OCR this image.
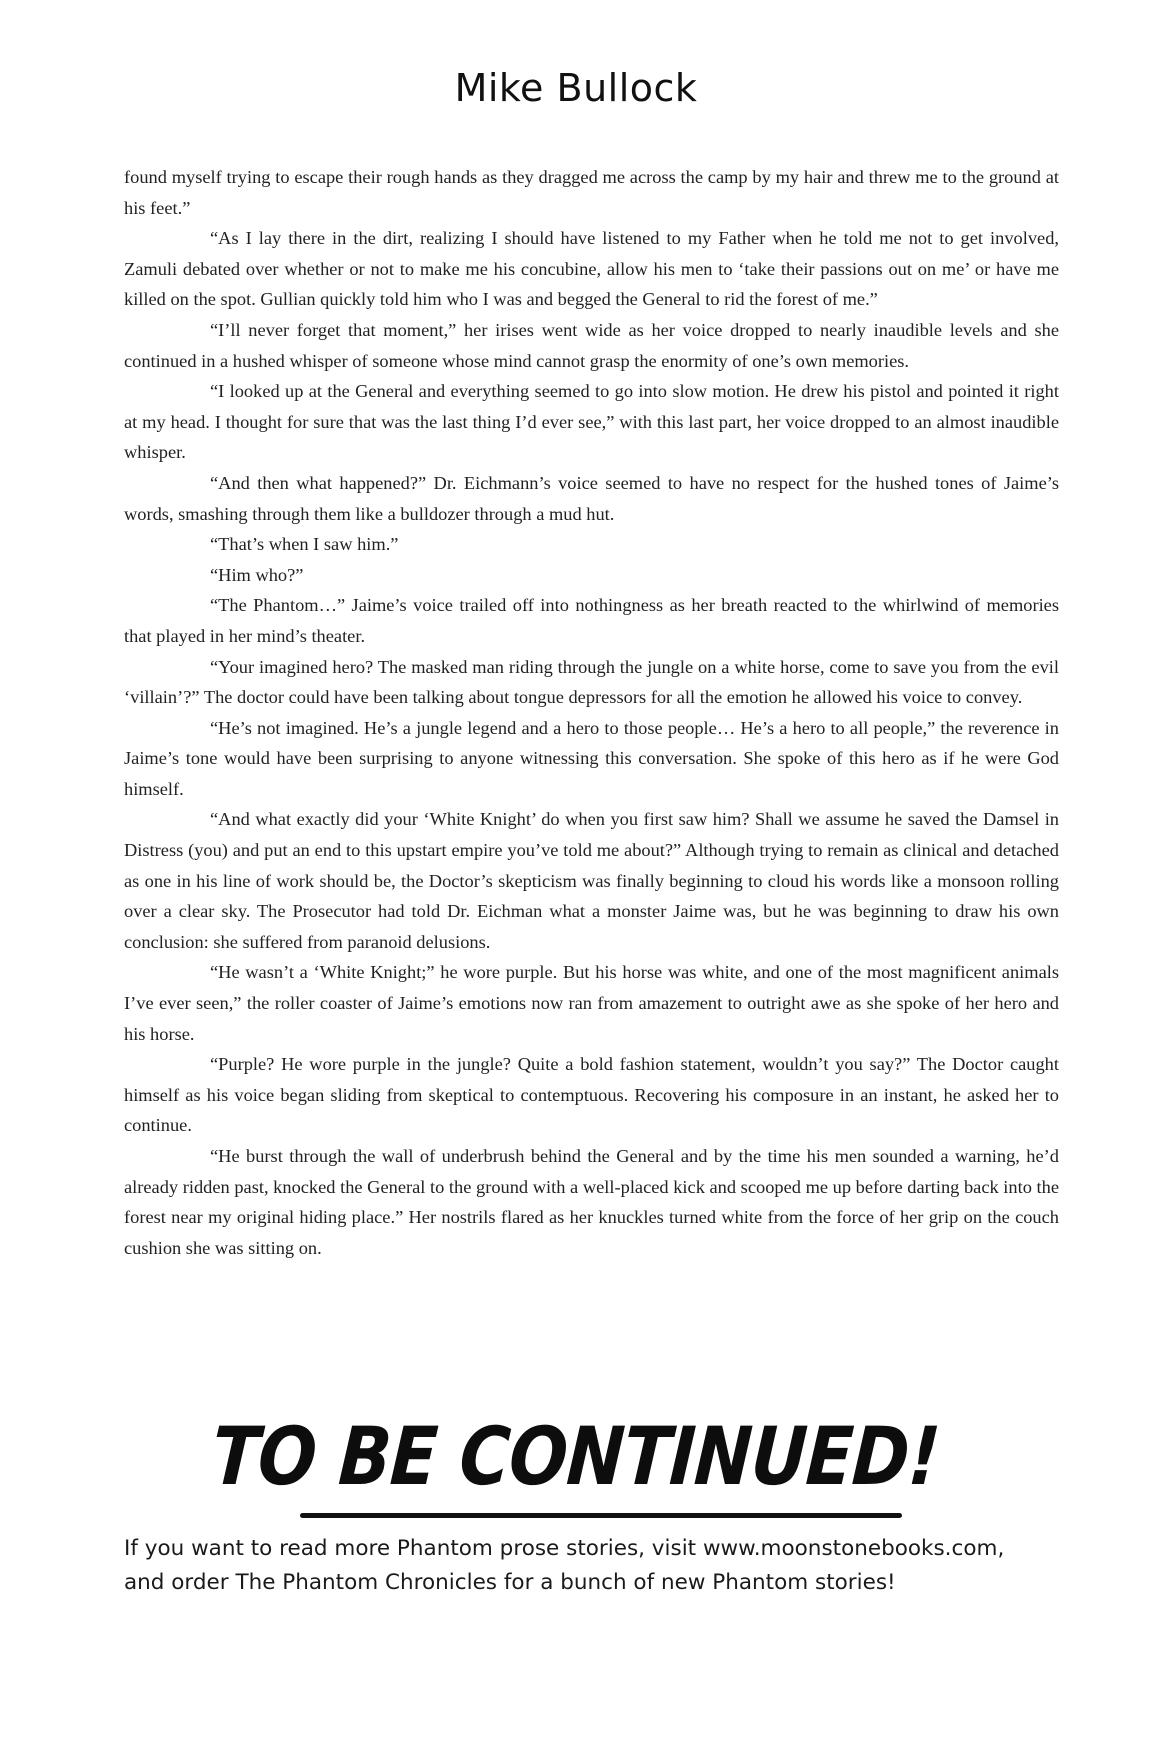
Mike Bullock

found myself trying to escape their rough hands as they dragged me across the camp by my hair and threw me to the ground at his feet.”

“As I lay there in the dirt, realizing I should have listened to my Father when he told me not to get involved, Zamuli debated over whether or not to make me his concubine, allow his men to ‘take their passions out on me’ or have me killed on the spot. Gullian quickly told him who I was and begged the General to rid the forest of me.”

“I’ll never forget that moment,” her irises went wide as her voice dropped to nearly inaudible levels and she continued in a hushed whisper of someone whose mind cannot grasp the enormity of one’s own memories.

“I looked up at the General and everything seemed to go into slow motion. He drew his pistol and pointed it right at my head. I thought for sure that was the last thing I’d ever see,” with this last part, her voice dropped to an almost inaudible whisper.

“And then what happened?” Dr. Eichmann’s voice seemed to have no respect for the hushed tones of Jaime’s words, smashing through them like a bulldozer through a mud hut.

“That’s when I saw him.”

“Him who?”

“The Phantom…” Jaime’s voice trailed off into nothingness as her breath reacted to the whirlwind of memories that played in her mind’s theater.

“Your imagined hero? The masked man riding through the jungle on a white horse, come to save you from the evil ‘villain’?” The doctor could have been talking about tongue depressors for all the emotion he allowed his voice to convey.

“He’s not imagined. He’s a jungle legend and a hero to those people… He’s a hero to all people,” the reverence in Jaime’s tone would have been surprising to anyone witnessing this conversation. She spoke of this hero as if he were God himself.

“And what exactly did your ‘White Knight’ do when you first saw him? Shall we assume he saved the Damsel in Distress (you) and put an end to this upstart empire you’ve told me about?” Although trying to remain as clinical and detached as one in his line of work should be, the Doctor’s skepticism was finally beginning to cloud his words like a monsoon rolling over a clear sky. The Prosecutor had told Dr. Eichman what a monster Jaime was, but he was beginning to draw his own conclusion: she suffered from paranoid delusions.

“He wasn’t a ‘White Knight;” he wore purple. But his horse was white, and one of the most magnificent animals I’ve ever seen,” the roller coaster of Jaime’s emotions now ran from amazement to outright awe as she spoke of her hero and his horse.

“Purple? He wore purple in the jungle? Quite a bold fashion statement, wouldn’t you say?” The Doctor caught himself as his voice began sliding from skeptical to contemptuous. Recovering his composure in an instant, he asked her to continue.

“He burst through the wall of underbrush behind the General and by the time his men sounded a warning, he’d already ridden past, knocked the General to the ground with a well-placed kick and scooped me up before darting back into the forest near my original hiding place.” Her nostrils flared as her knuckles turned white from the force of her grip on the couch cushion she was sitting on.

TO BE CONTINUED!
If you want to read more Phantom prose stories, visit www.moonstonebooks.com,
and order The Phantom Chronicles for a bunch of new Phantom stories!
